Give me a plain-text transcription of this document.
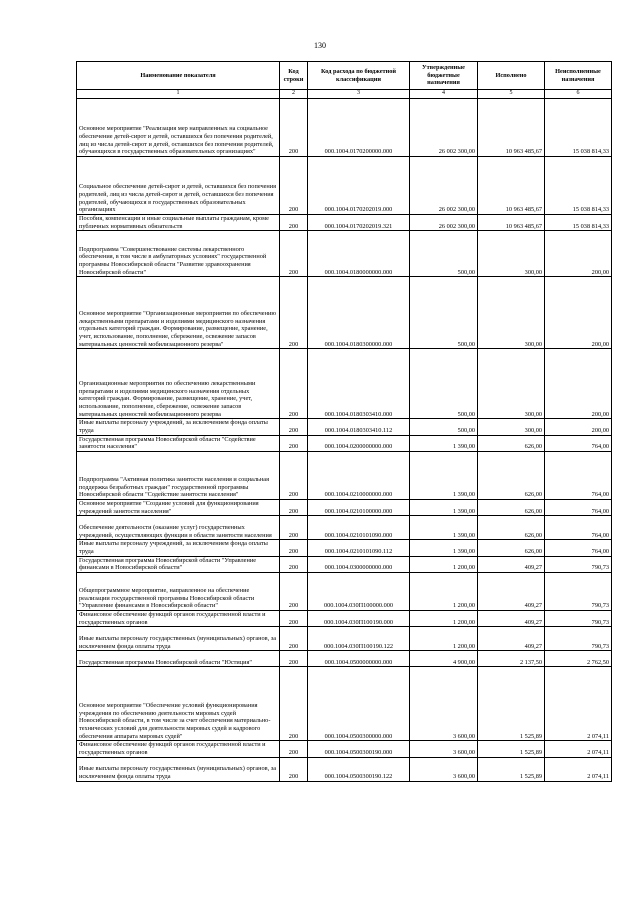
130
Наименование показателя	Код строки	Код расхода по бюджетной классификации	Утвержденные бюджетные назначения	Исполнено	Неисполненные назначения
1	2	3	4	5	6
Основное мероприятие "Реализация мер направленных на социальное обеспечение детей-сирот и детей, оставшихся без попечения родителей, лиц из числа детей-сирот и детей, оставшихся без попечения родителей, обучающихся в государственных образовательных организациях"	200	000.1004.0170200000.000	26 002 300,00	10 963 485,67	15 038 814,33
Социальное обеспечение детей-сирот и детей, оставшихся без попечения родителей, лиц из числа детей-сирот и детей, оставшихся без попечения родителей, обучающихся в государственных образовательных организациях	200	000.1004.0170202019.000	26 002 300,00	10 963 485,67	15 038 814,33
Пособия, компенсации и иные социальные выплаты гражданам, кроме публичных нормативных обязательств	200	000.1004.0170202019.321	26 002 300,00	10 963 485,67	15 038 814,33
Подпрограмма "Совершенствование системы лекарственного обеспечения, в том числе в амбулаторных условиях" государственной программы Новосибирской области "Развитие здравоохранения Новосибирской области"	200	000.1004.0180000000.000	500,00	300,00	200,00
Основное мероприятие "Организационные мероприятия по обеспечению лекарственными препаратами и изделиями медицинского назначения отдельных категорий граждан. Формирование, размещение, хранение, учет, использование, пополнение, сбережение, освежение запасов материальных ценностей мобилизационного резерва"	200	000.1004.0180300000.000	500,00	300,00	200,00
Организационные мероприятия по обеспечению лекарственными препаратами и изделиями медицинского назначения отдельных категорий граждан. Формирование, размещение, хранение, учет, использование, пополнение, сбережение, освежение запасов материальных ценностей мобилизационного резерва	200	000.1004.0180303410.000	500,00	300,00	200,00
Иные выплаты персоналу учреждений, за исключением фонда оплаты труда	200	000.1004.0180303410.112	500,00	300,00	200,00
Государственная программа Новосибирской области "Содействие занятости населения"	200	000.1004.0200000000.000	1 390,00	626,00	764,00
Подпрограмма "Активная политика занятости населения и социальная поддержка безработных граждан" государственной программы Новосибирской области "Содействие занятости населения"	200	000.1004.0210000000.000	1 390,00	626,00	764,00
Основное мероприятие "Создание условий для функционирования учреждений занятости населения"	200	000.1004.0210100000.000	1 390,00	626,00	764,00
Обеспечение деятельности (оказание услуг) государственных учреждений, осуществляющих функции в области занятости населения	200	000.1004.0210101090.000	1 390,00	626,00	764,00
Иные выплаты персоналу учреждений, за исключением фонда оплаты труда	200	000.1004.0210101090.112	1 390,00	626,00	764,00
Государственная программа Новосибирской области "Управление финансами в Новосибирской области"	200	000.1004.0300000000.000	1 200,00	409,27	790,73
Общепрограммное мероприятие, направленное на обеспечение реализации государственной программы Новосибирской области "Управление финансами в Новосибирской области"	200	000.1004.030П100000.000	1 200,00	409,27	790,73
Финансовое обеспечение функций органов государственной власти и государственных органов	200	000.1004.030П100190.000	1 200,00	409,27	790,73
Иные выплаты персоналу государственных (муниципальных) органов, за исключением фонда оплаты труда	200	000.1004.030П100190.122	1 200,00	409,27	790,73
Государственная программа Новосибирской области "Юстиция"	200	000.1004.0500000000.000	4 900,00	2 137,50	2 762,50
Основное мероприятие "Обеспечение условий функционирования учреждения по обеспечению деятельности мировых судей Новосибирской области, в том числе за счет обеспечения материально-технических условий для деятельности мировых судей и кадрового обеспечения аппарата мировых судей"	200	000.1004.0500300000.000	3 600,00	1 525,89	2 074,11
Финансовое обеспечение функций органов государственной власти и государственных органов	200	000.1004.0500300190.000	3 600,00	1 525,89	2 074,11
Иные выплаты персоналу государственных (муниципальных) органов, за исключением фонда оплаты труда	200	000.1004.0500300190.122	3 600,00	1 525,89	2 074,11
